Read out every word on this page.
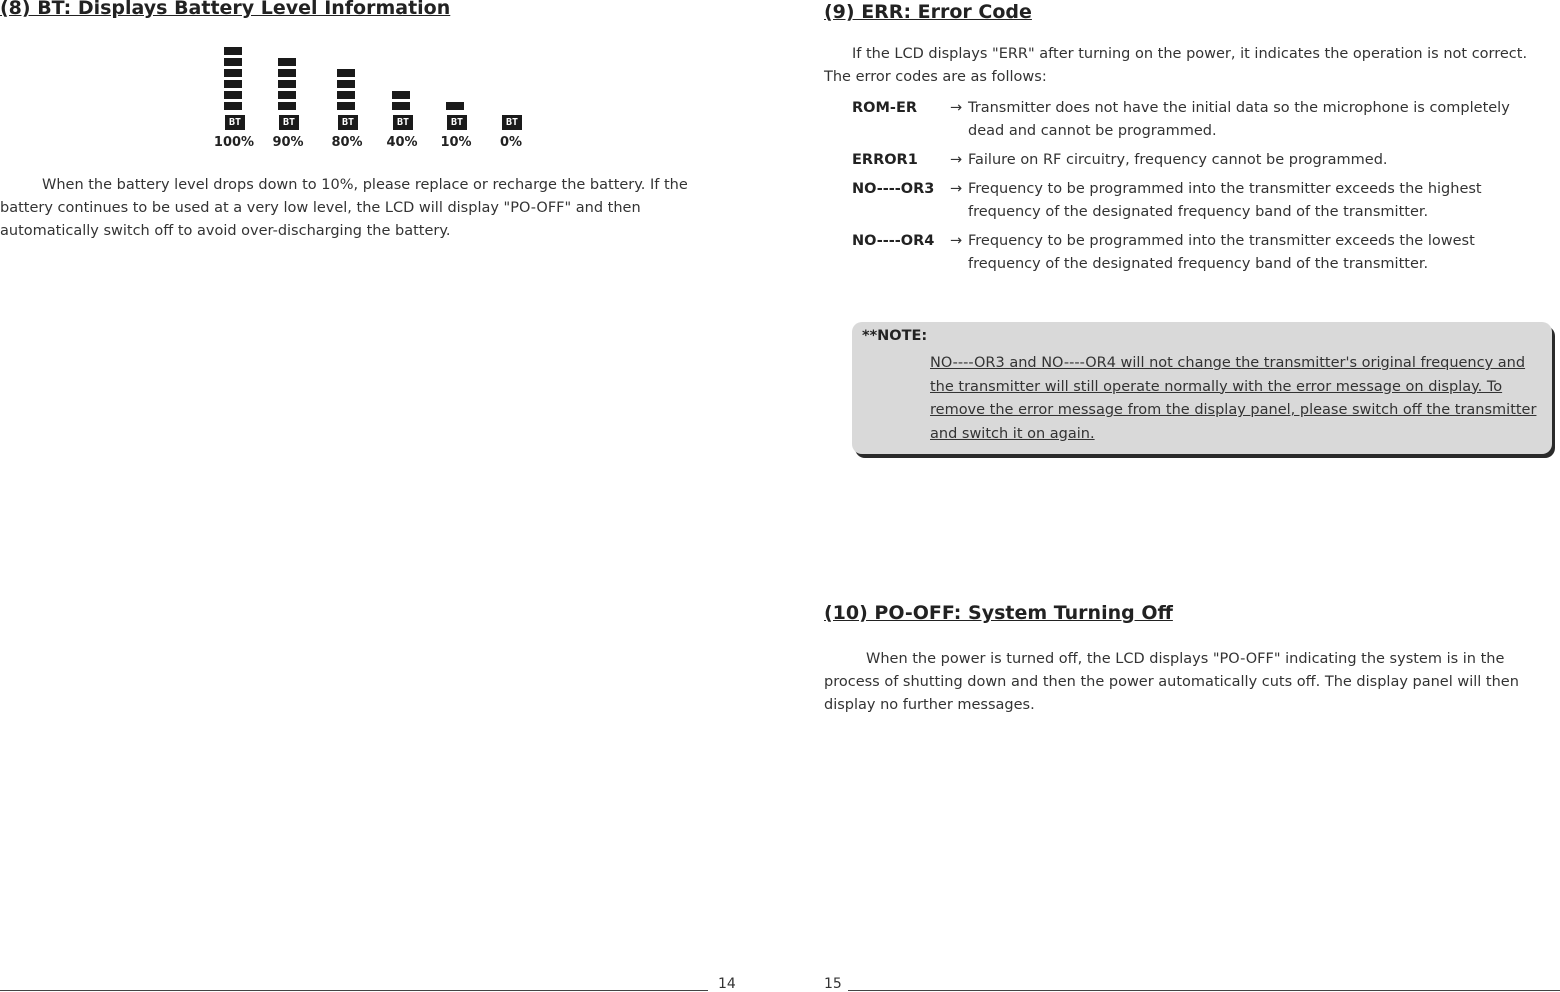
(8) BT: Displays Battery Level Information
BT
100%
BT
90%
BT
80%
BT
40%
BT
10%
BT
0%

When the battery level drops down to 10%, please replace or recharge the battery. If the battery continues to be used at a very low level, the LCD will display "PO-OFF" and then automatically switch off to avoid over-discharging the battery.

14
(9) ERR: Error Code

If the LCD displays "ERR" after turning on the power, it indicates the operation is not correct. The error codes are as follows:

ROM-ER → Transmitter does not have the initial data so the microphone is completely dead and cannot be programmed.
ERROR1 → Failure on RF circuitry, frequency cannot be programmed.
NO----OR3 → Frequency to be programmed into the transmitter exceeds the highest frequency of the designated frequency band of the transmitter.
NO----OR4 → Frequency to be programmed into the transmitter exceeds the lowest frequency of the designated frequency band of the transmitter.
**NOTE:
NO----OR3 and NO----OR4 will not change the transmitter's original frequency and the transmitter will still operate normally with the error message on display. To remove the error message from the display panel, please switch off the transmitter and switch it on again.
(10) PO-OFF: System Turning Off

When the power is turned off, the LCD displays "PO-OFF" indicating the system is in the process of shutting down and then the power automatically cuts off. The display panel will then display no further messages.

15
